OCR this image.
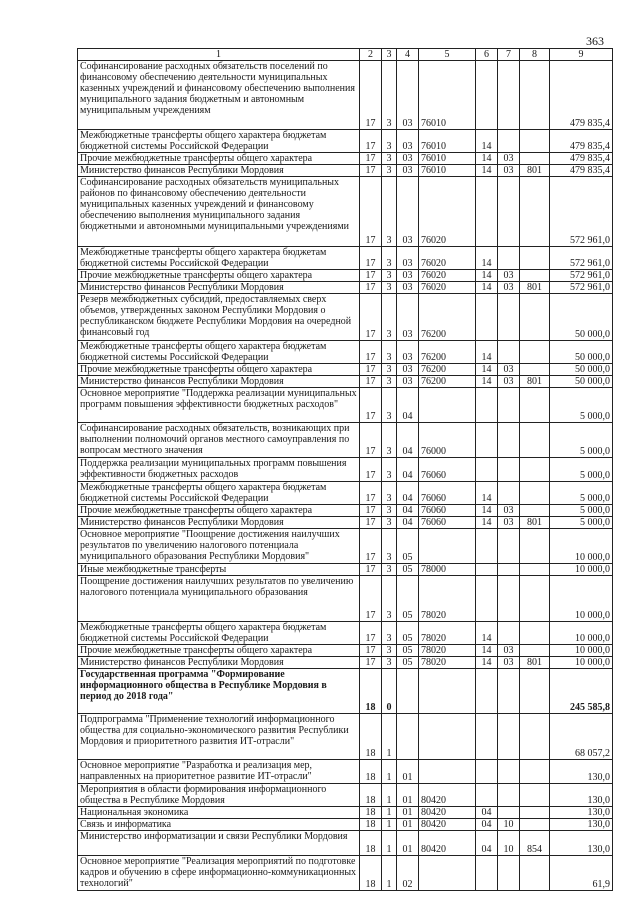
363
1	2	3	4	5	6	7	8	9
Софинансирование расходных обязательств поселений по финансовому обеспечению деятельности муниципальных казенных учреждений и финансовому обеспечению выполнения муниципального задания бюджетным и автономным муниципальным учреждениям	17	3	03	76010				479 835,4
Межбюджетные трансферты общего характера бюджетам бюджетной системы Российской Федерации	17	3	03	76010	14			479 835,4
Прочие межбюджетные трансферты общего характера	17	3	03	76010	14	03		479 835,4
Министерство финансов Республики Мордовия	17	3	03	76010	14	03	801	479 835,4
Софинансирование расходных обязательств муниципальных районов по финансовому обеспечению деятельности муниципальных казенных учреждений и финансовому обеспечению выполнения муниципального задания бюджетными и автономными муниципальными учреждениями	17	3	03	76020				572 961,0
Межбюджетные трансферты общего характера бюджетам бюджетной системы Российской Федерации	17	3	03	76020	14			572 961,0
Прочие межбюджетные трансферты общего характера	17	3	03	76020	14	03		572 961,0
Министерство финансов Республики Мордовия	17	3	03	76020	14	03	801	572 961,0
Резерв межбюджетных субсидий, предоставляемых сверх объемов, утвержденных законом Республики Мордовия о республиканском бюджете Республики Мордовия на очередной финансовый год	17	3	03	76200				50 000,0
Межбюджетные трансферты общего характера бюджетам бюджетной системы Российской Федерации	17	3	03	76200	14			50 000,0
Прочие межбюджетные трансферты общего характера	17	3	03	76200	14	03		50 000,0
Министерство финансов Республики Мордовия	17	3	03	76200	14	03	801	50 000,0
Основное мероприятие "Поддержка реализации муниципальных программ повышения эффективности бюджетных расходов"	17	3	04					5 000,0
Софинансирование расходных обязательств, возникающих при выполнении полномочий органов местного самоуправления по вопросам местного значения	17	3	04	76000				5 000,0
Поддержка реализации муниципальных программ повышения эффективности бюджетных расходов	17	3	04	76060				5 000,0
Межбюджетные трансферты общего характера бюджетам бюджетной системы Российской Федерации	17	3	04	76060	14			5 000,0
Прочие межбюджетные трансферты общего характера	17	3	04	76060	14	03		5 000,0
Министерство финансов Республики Мордовия	17	3	04	76060	14	03	801	5 000,0
Основное мероприятие "Поощрение достижения наилучших результатов по увеличению налогового потенциала муниципального образования Республики Мордовия"	17	3	05					10 000,0
Иные межбюджетные трансферты	17	3	05	78000				10 000,0
Поощрение достижения наилучших результатов по увеличению налогового потенциала муниципального образования	17	3	05	78020				10 000,0
Межбюджетные трансферты общего характера бюджетам бюджетной системы Российской Федерации	17	3	05	78020	14			10 000,0
Прочие межбюджетные трансферты общего характера	17	3	05	78020	14	03		10 000,0
Министерство финансов Республики Мордовия	17	3	05	78020	14	03	801	10 000,0
Государственная программа "Формирование информационного общества в Республике Мордовия в период до 2018 года"	18	0						245 585,8
Подпрограмма "Применение технологий информационного общества для социально-экономического развития Республики Мордовия и приоритетного развития ИТ-отрасли"	18	1						68 057,2
Основное мероприятие "Разработка и реализация мер, направленных на приоритетное развитие ИТ-отрасли"	18	1	01					130,0
Мероприятия в области формирования информационного общества в Республике Мордовия	18	1	01	80420				130,0
Национальная экономика	18	1	01	80420	04			130,0
Связь и информатика	18	1	01	80420	04	10		130,0
Министерство информатизации и связи Республики Мордовия	18	1	01	80420	04	10	854	130,0
Основное мероприятие "Реализация мероприятий по подготовке кадров и обучению в сфере информационно-коммуникационных технологий"	18	1	02					61,9
